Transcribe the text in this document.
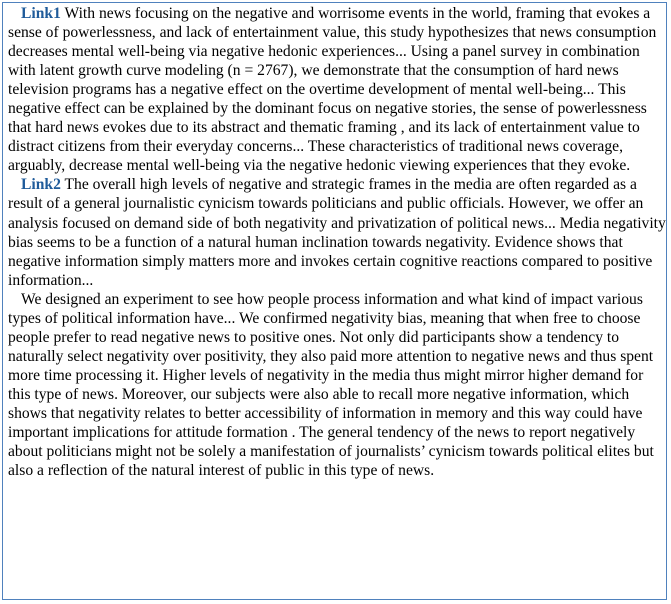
Link1 With news focusing on the negative and worrisome events in the world, framing that evokes a sense of powerlessness, and lack of entertainment value, this study hypothesizes that news consumption decreases mental well-being via negative hedonic experiences... Using a panel survey in combination with latent growth curve modeling (n = 2767), we demonstrate that the consumption of hard news television programs has a negative effect on the overtime development of mental well-being... This negative effect can be explained by the dominant focus on negative stories, the sense of powerlessness that hard news evokes due to its abstract and thematic framing , and its lack of entertainment value to distract citizens from their everyday concerns... These characteristics of traditional news coverage, arguably, decrease mental well-being via the negative hedonic viewing experiences that they evoke.

Link2 The overall high levels of negative and strategic frames in the media are often regarded as a result of a general journalistic cynicism towards politicians and public officials. However, we offer an analysis focused on demand side of both negativity and privatization of political news... Media negativity bias seems to be a function of a natural human inclination towards negativity. Evidence shows that negative information simply matters more and invokes certain cognitive reactions compared to positive information...

We designed an experiment to see how people process information and what kind of impact various types of political information have... We confirmed negativity bias, meaning that when free to choose people prefer to read negative news to positive ones. Not only did participants show a tendency to naturally select negativity over positivity, they also paid more attention to negative news and thus spent more time processing it. Higher levels of negativity in the media thus might mirror higher demand for this type of news. Moreover, our subjects were also able to recall more negative information, which shows that negativity relates to better accessibility of information in memory and this way could have important implications for attitude formation . The general tendency of the news to report negatively about politicians might not be solely a manifestation of journalists’ cynicism towards political elites but also a reflection of the natural interest of public in this type of news.
